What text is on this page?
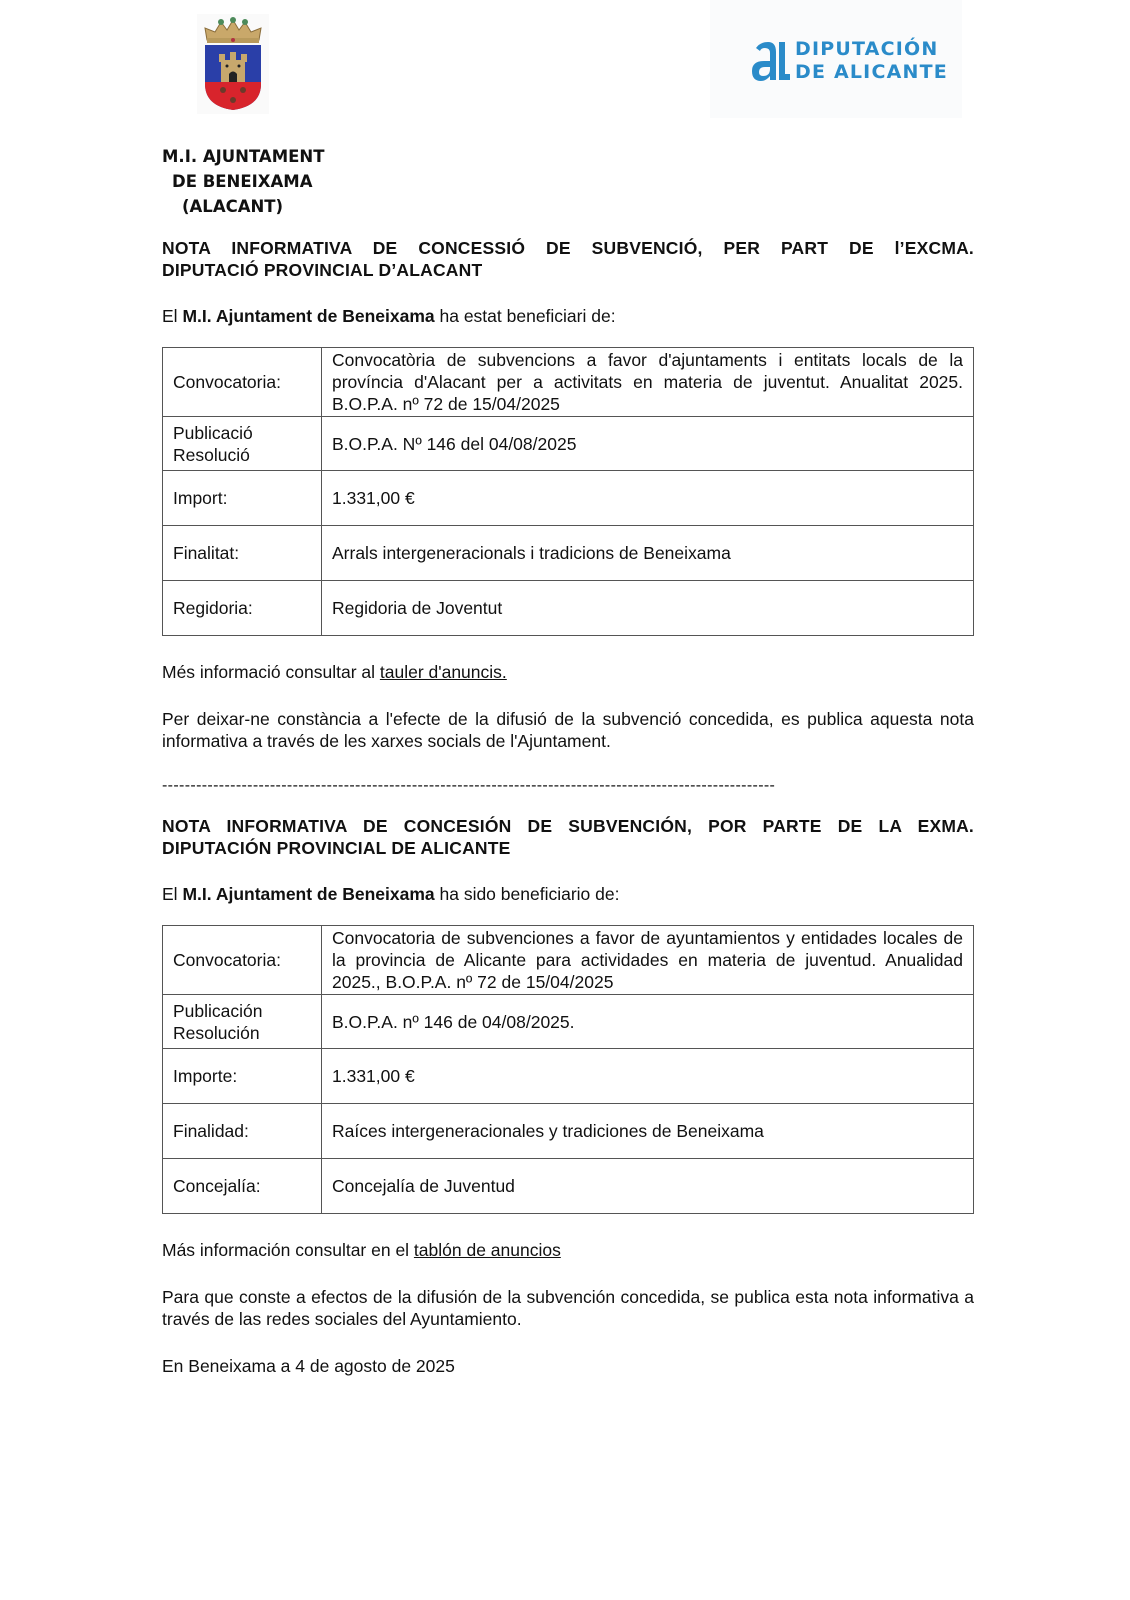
DIPUTACIÓN
DE ALICANTE
M.I. AJUNTAMENT
DE BENEIXAMA
(ALACANT)
NOTA INFORMATIVA DE CONCESSIÓ DE SUBVENCIÓ, PER PART DE l’EXCMA.
DIPUTACIÓ PROVINCIAL D’ALACANT
El M.I. Ajuntament de Beneixama ha estat beneficiari de:
Convocatoria:	Convocatòria de subvencions a favor d'ajuntaments i entitats locals de la província d'Alacant per a activitats en materia de juventut. Anualitat 2025. B.O.P.A. nº 72 de 15/04/2025
Publicació Resolució	B.O.P.A. Nº 146 del 04/08/2025
Import:	1.331,00 €
Finalitat:	Arrals intergeneracionals i tradicions de Beneixama
Regidoria:	Regidoria de Joventut
Més informació consultar al tauler d'anuncis.
Per deixar-ne constància a l'efecte de la difusió de la subvenció concedida, es publica aquesta nota informativa a través de les xarxes socials de l'Ajuntament.
------------------------------------------------------------------------------------------------------------
NOTA INFORMATIVA DE CONCESIÓN DE SUBVENCIÓN, POR PARTE DE LA EXMA.
DIPUTACIÓN PROVINCIAL DE ALICANTE
El M.I. Ajuntament de Beneixama ha sido beneficiario de:
Convocatoria:	Convocatoria de subvenciones a favor de ayuntamientos y entidades locales de la provincia de Alicante para actividades en materia de juventud. Anualidad 2025., B.O.P.A. nº 72 de 15/04/2025
Publicación Resolución	B.O.P.A. nº 146 de 04/08/2025.
Importe:	1.331,00 €
Finalidad:	Raíces intergeneracionales y tradiciones de Beneixama
Concejalía:	Concejalía de Juventud
Más información consultar en el tablón de anuncios
Para que conste a efectos de la difusión de la subvención concedida, se publica esta nota informativa a través de las redes sociales del Ayuntamiento.
En Beneixama a 4 de agosto de 2025
